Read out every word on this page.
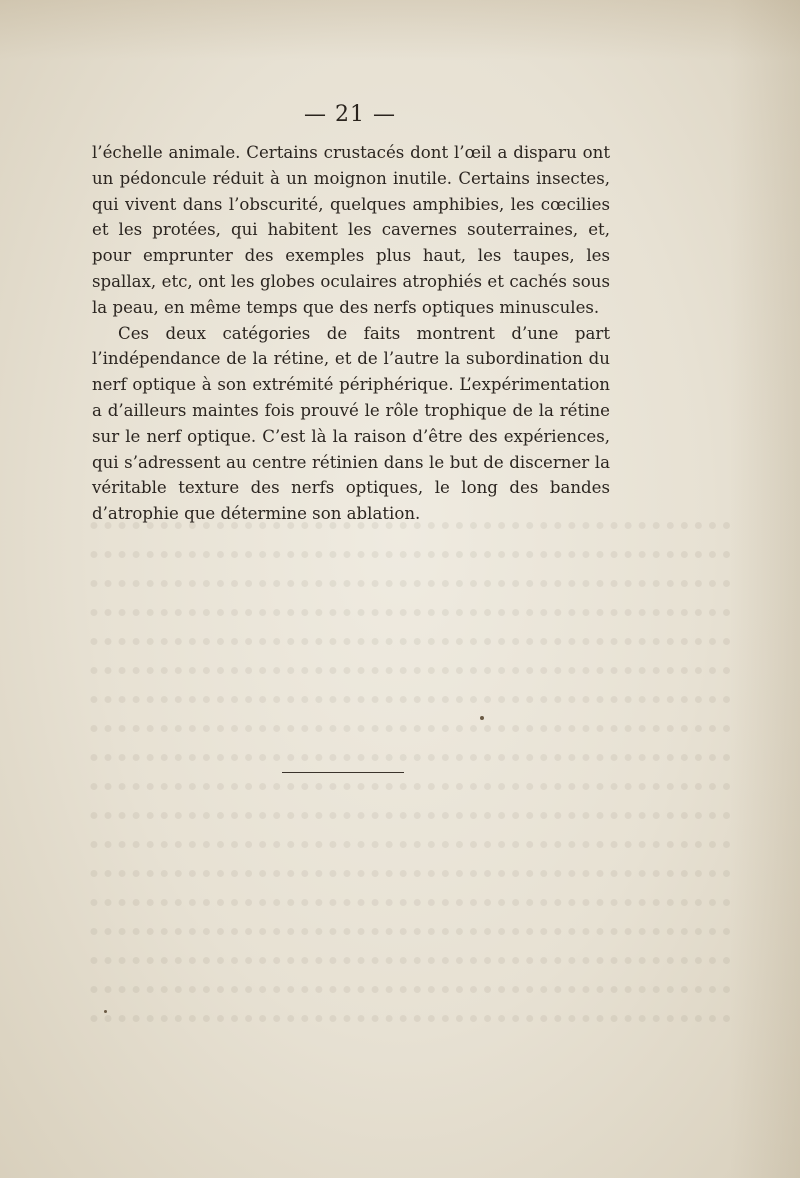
— 21 —

l’échelle animale. Certains crustacés dont l’œil a disparu ont un pédoncule réduit à un moignon inutile. Certains insectes, qui vivent dans l’obscurité, quelques amphibies, les cœcilies et les protées, qui habitent les cavernes souterraines, et, pour emprunter des exemples plus haut, les taupes, les spallax, etc, ont les globes oculaires atrophiés et cachés sous la peau, en même temps que des nerfs optiques minuscules.

Ces deux catégories de faits montrent d’une part l’indépendance de la rétine, et de l’autre la subordination du nerf optique à son extrémité périphérique. L’expérimentation a d’ailleurs maintes fois prouvé le rôle trophique de la rétine sur le nerf optique. C’est là la raison d’être des expériences, qui s’adressent au centre rétinien dans le but de discerner la véritable texture des nerfs optiques, le long des bandes d’atrophie que détermine son ablation.
